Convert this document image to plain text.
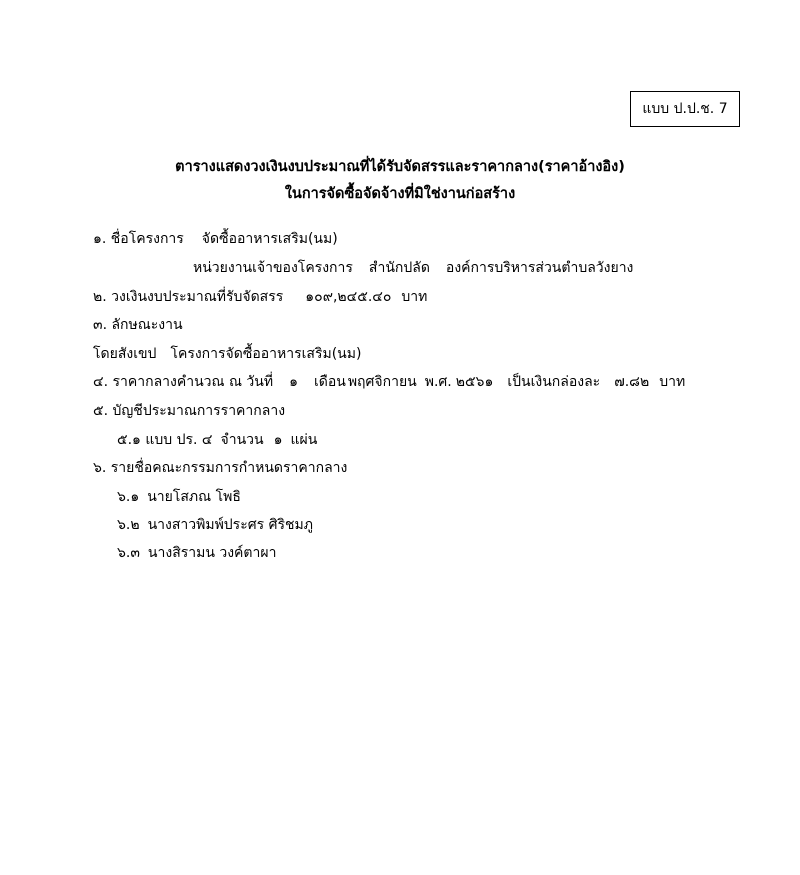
แบบ ป.ป.ช. 7
ตารางแสดงวงเงินงบประมาณที่ได้รับจัดสรรและราคากลาง(ราคาอ้างอิง)
ในการจัดซื้อจัดจ้างที่มิใช่งานก่อสร้าง
๑. ชื่อโครงการ จัดซื้ออาหารเสริม(นม)
หน่วยงานเจ้าของโครงการ สำนักปลัด องค์การบริหารส่วนตำบลวังยาง
๒. วงเงินงบประมาณที่รับจัดสรร ๑๐๙,๒๔๕.๔๐ บาท
๓. ลักษณะงาน
โดยสังเขป โครงการจัดซื้ออาหารเสริม(นม)
๔. ราคากลางคำนวณ ณ วันที่ ๑ เดือน พฤศจิกายน พ.ศ. ๒๕๖๑ เป็นเงินกล่องละ ๗.๘๒ บาท
๕. บัญชีประมาณการราคากลาง
๕.๑ แบบ ปร. ๔ จำนวน ๑ แผ่น
๖. รายชื่อคณะกรรมการกำหนดราคากลาง
๖.๑ นายโสภณ โพธิ
๖.๒ นางสาวพิมพ์ประศร ศิริชมภู
๖.๓ นางสิรามน วงค์ตาผา
